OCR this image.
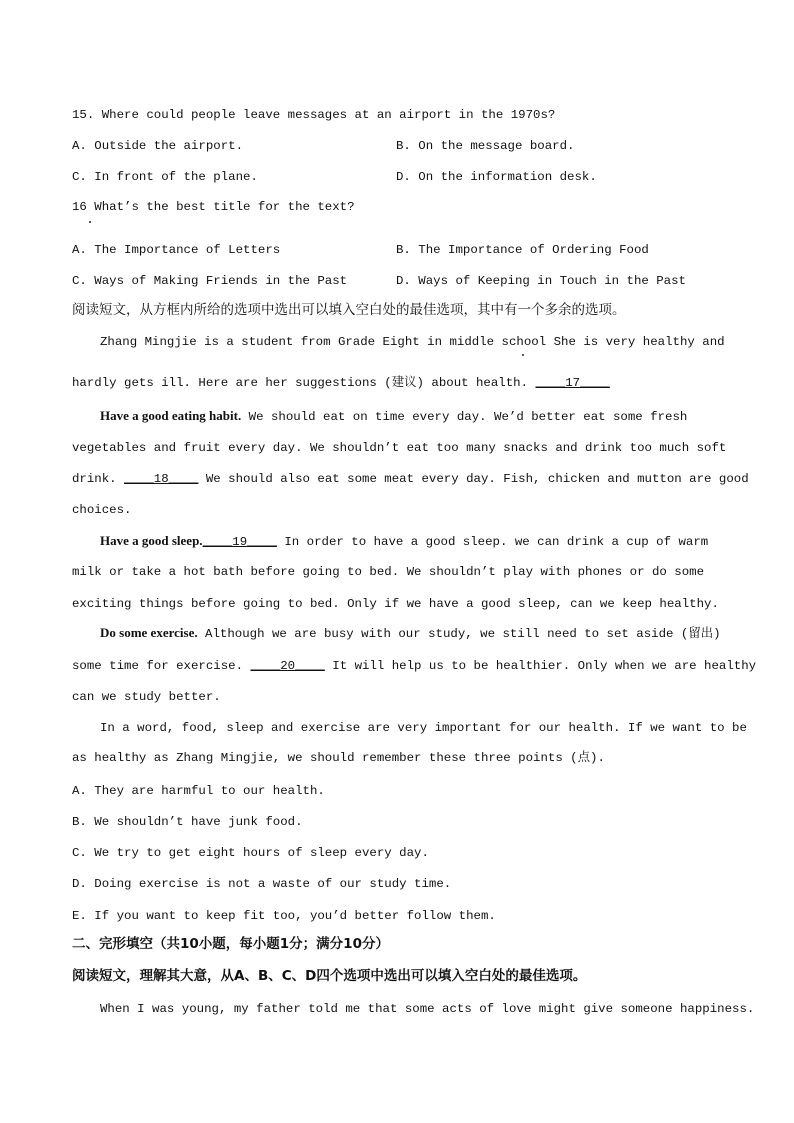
15. Where could people leave messages at an airport in the 1970s?
A. Outside the airport.	B. On the message board.
C. In front of the plane.	D. On the information desk.
16 What’s the best title for the text?
A. The Importance of Letters	B. The Importance of Ordering Food
C. Ways of Making Friends in the Past	D. Ways of Keeping in Touch in the Past
阅读短文，从方框内所给的选项中选出可以填入空白处的最佳选项，其中有一个多余的选项。
Zhang Mingjie is a student from Grade Eight in middle school She is very healthy and
hardly gets ill. Here are her suggestions (建议) about health. ____17____
Have a good eating habit. We should eat on time every day. We’d better eat some fresh
vegetables and fruit every day. We shouldn’t eat too many snacks and drink too much soft
drink. ____18____ We should also eat some meat every day. Fish, chicken and mutton are good
choices.
Have a good sleep.____19____ In order to have a good sleep. we can drink a cup of warm
milk or take a hot bath before going to bed. We shouldn’t play with phones or do some
exciting things before going to bed. Only if we have a good sleep, can we keep healthy.
Do some exercise. Although we are busy with our study, we still need to set aside (留出)
some time for exercise. ____20____ It will help us to be healthier. Only when we are healthy
can we study better.
In a word, food, sleep and exercise are very important for our health. If we want to be
as healthy as Zhang Mingjie, we should remember these three points (点).
A. They are harmful to our health.
B. We shouldn’t have junk food.
C. We try to get eight hours of sleep every day.
D. Doing exercise is not a waste of our study time.
E. If you want to keep fit too, you’d better follow them.
二、完形填空（共10小题，每小题1分；满分10分）
阅读短文，理解其大意，从A、B、C、D四个选项中选出可以填入空白处的最佳选项。
When I was young, my father told me that some acts of love might give someone happiness.
